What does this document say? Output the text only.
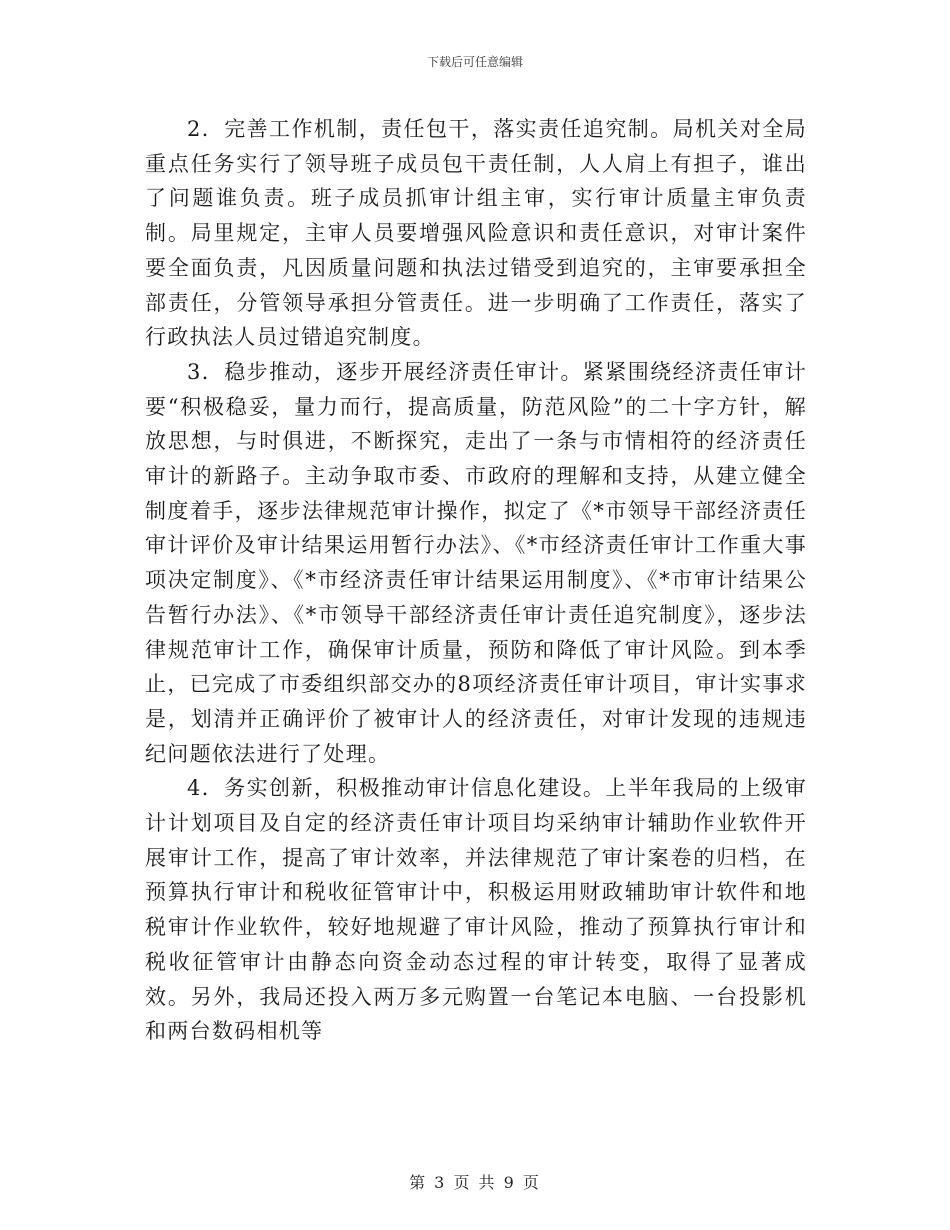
下载后可任意编辑

2．完善工作机制，责任包干，落实责任追究制。局机关对全局重点任务实行了领导班子成员包干责任制，人人肩上有担子，谁出了问题谁负责。班子成员抓审计组主审，实行审计质量主审负责制。局里规定，主审人员要增强风险意识和责任意识，对审计案件要全面负责，凡因质量问题和执法过错受到追究的，主审要承担全部责任，分管领导承担分管责任。进一步明确了工作责任，落实了行政执法人员过错追究制度。

3．稳步推动，逐步开展经济责任审计。紧紧围绕经济责任审计要“积极稳妥，量力而行，提高质量，防范风险”的二十字方针，解放思想，与时俱进，不断探究，走出了一条与市情相符的经济责任审计的新路子。主动争取市委、市政府的理解和支持，从建立健全制度着手，逐步法律规范审计操作，拟定了《*市领导干部经济责任审计评价及审计结果运用暂行办法》、《*市经济责任审计工作重大事项决定制度》、《*市经济责任审计结果运用制度》、《*市审计结果公告暂行办法》、《*市领导干部经济责任审计责任追究制度》，逐步法律规范审计工作，确保审计质量，预防和降低了审计风险。到本季止，已完成了市委组织部交办的8项经济责任审计项目，审计实事求是，划清并正确评价了被审计人的经济责任，对审计发现的违规违纪问题依法进行了处理。

4．务实创新，积极推动审计信息化建设。上半年我局的上级审计计划项目及自定的经济责任审计项目均采纳审计辅助作业软件开展审计工作，提高了审计效率，并法律规范了审计案卷的归档，在预算执行审计和税收征管审计中，积极运用财政辅助审计软件和地税审计作业软件，较好地规避了审计风险，推动了预算执行审计和税收征管审计由静态向资金动态过程的审计转变，取得了显著成效。另外，我局还投入两万多元购置一台笔记本电脑、一台投影机和两台数码相机等

第 3 页 共 9 页
